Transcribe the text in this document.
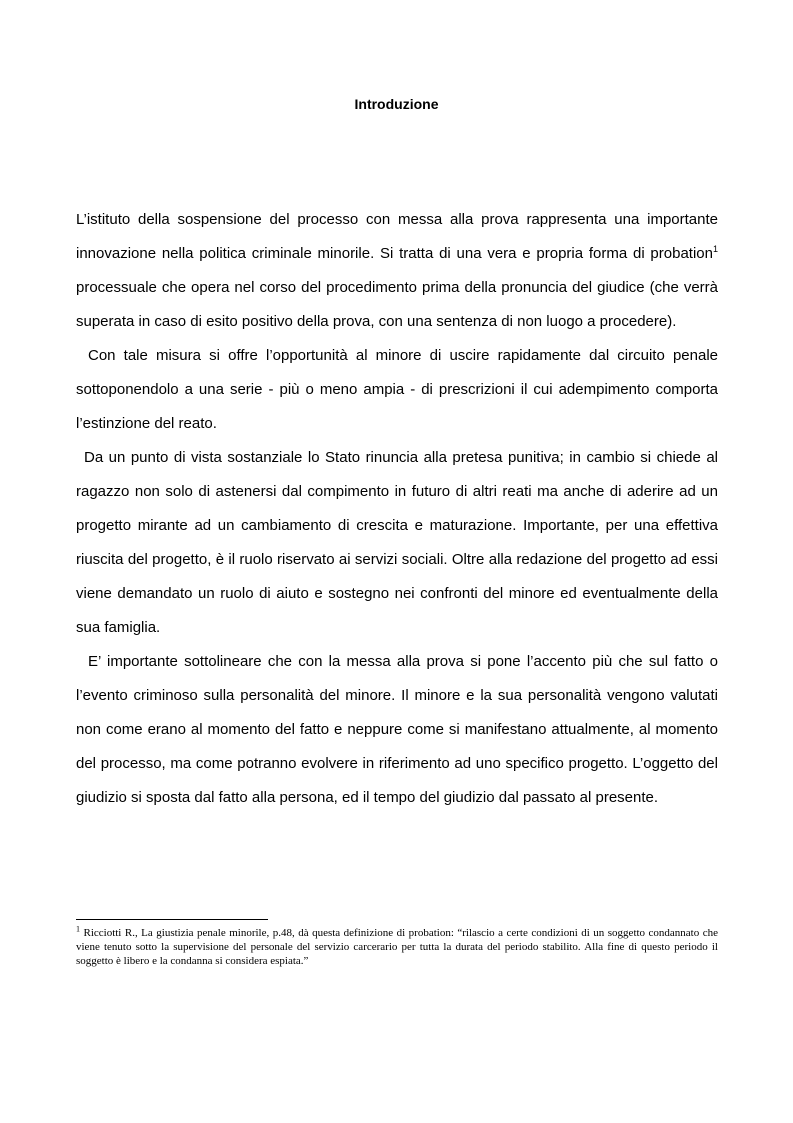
Introduzione

L’istituto della sospensione del processo con messa alla prova rappresenta una importante innovazione nella politica criminale minorile. Si tratta di una vera e propria forma di probation$^1$ processuale che opera nel corso del procedimento prima della pronuncia del giudice (che verrà superata in caso di esito positivo della prova, con una sentenza di non luogo a procedere).

Con tale misura si offre l’opportunità al minore di uscire rapidamente dal circuito penale sottoponendolo a una serie - più o meno ampia - di prescrizioni il cui adempimento comporta l’estinzione del reato.

Da un punto di vista sostanziale lo Stato rinuncia alla pretesa punitiva; in cambio si chiede al ragazzo non solo di astenersi dal compimento in futuro di altri reati ma anche di aderire ad un progetto mirante ad un cambiamento di crescita e maturazione. Importante, per una effettiva riuscita del progetto, è il ruolo riservato ai servizi sociali. Oltre alla redazione del progetto ad essi viene demandato un ruolo di aiuto e sostegno nei confronti del minore ed eventualmente della sua famiglia.

E’ importante sottolineare che con la messa alla prova si pone l’accento più che sul fatto o l’evento criminoso sulla personalità del minore. Il minore e la sua personalità vengono valutati non come erano al momento del fatto e neppure come si manifestano attualmente, al momento del processo, ma come potranno evolvere in riferimento ad uno specifico progetto. L’oggetto del giudizio si sposta dal fatto alla persona, ed il tempo del giudizio dal passato al presente.

$^1$ Ricciotti R., La giustizia penale minorile, p.48, dà questa definizione di probation: “rilascio a certe condizioni di un soggetto condannato che viene tenuto sotto la supervisione del personale del servizio carcerario per tutta la durata del periodo stabilito. Alla fine di questo periodo il soggetto è libero e la condanna si considera espiata.”
